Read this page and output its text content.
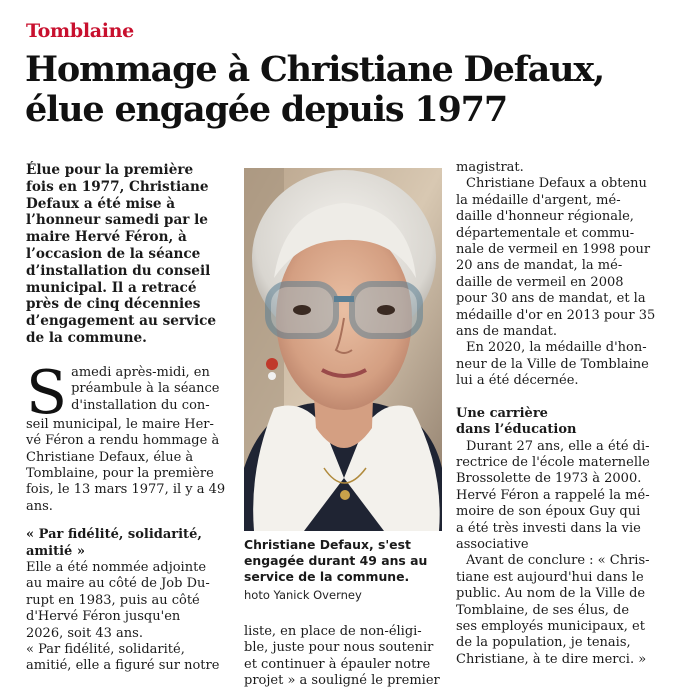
Tomblaine
Hommage à Christiane Defaux,
élue engagée depuis 1977
Élue pour la première
fois en 1977, Christiane
Defaux a été mise à
l’honneur samedi par le
maire Hervé Féron, à
l’occasion de la séance
d’installation du conseil
municipal. Il a retracé
près de cinq décennies
d’engagement au service
de la commune.
S amedi après-midi, en
préambule à la séance
d'installation du con-
seil municipal, le maire Her-
vé Féron a rendu hommage à
Christiane Defaux, élue à
Tomblaine, pour la première
fois, le 13 mars 1977, il y a 49
ans.
« Par fidélité, solidarité,
amitié »
Elle a été nommée adjointe
au maire au côté de Job Du-
rupt en 1983, puis au côté
d'Hervé Féron jusqu'en
2026, soit 43 ans.
« Par fidélité, solidarité,
amitié, elle a figuré sur notre
Christiane Defaux, s'est
engagée durant 49 ans au
service de la commune.
hoto Yanick Overney
liste, en place de non-éligi-
ble, juste pour nous soutenir
et continuer à épauler notre
projet » a souligné le premier
magistrat.
Christiane Defaux a obtenu
la médaille d'argent, mé-
daille d'honneur régionale,
départementale et commu-
nale de vermeil en 1998 pour
20 ans de mandat, la mé-
daille de vermeil en 2008
pour 30 ans de mandat, et la
médaille d'or en 2013 pour 35
ans de mandat.
En 2020, la médaille d'hon-
neur de la Ville de Tomblaine
lui a été décernée.
Une carrière
dans l’éducation
Durant 27 ans, elle a été di-
rectrice de l'école maternelle
Brossolette de 1973 à 2000.
Hervé Féron a rappelé la mé-
moire de son époux Guy qui
a été très investi dans la vie
associative
Avant de conclure : « Chris-
tiane est aujourd'hui dans le
public. Au nom de la Ville de
Tomblaine, de ses élus, de
ses employés municipaux, et
de la population, je tenais,
Christiane, à te dire merci. »
